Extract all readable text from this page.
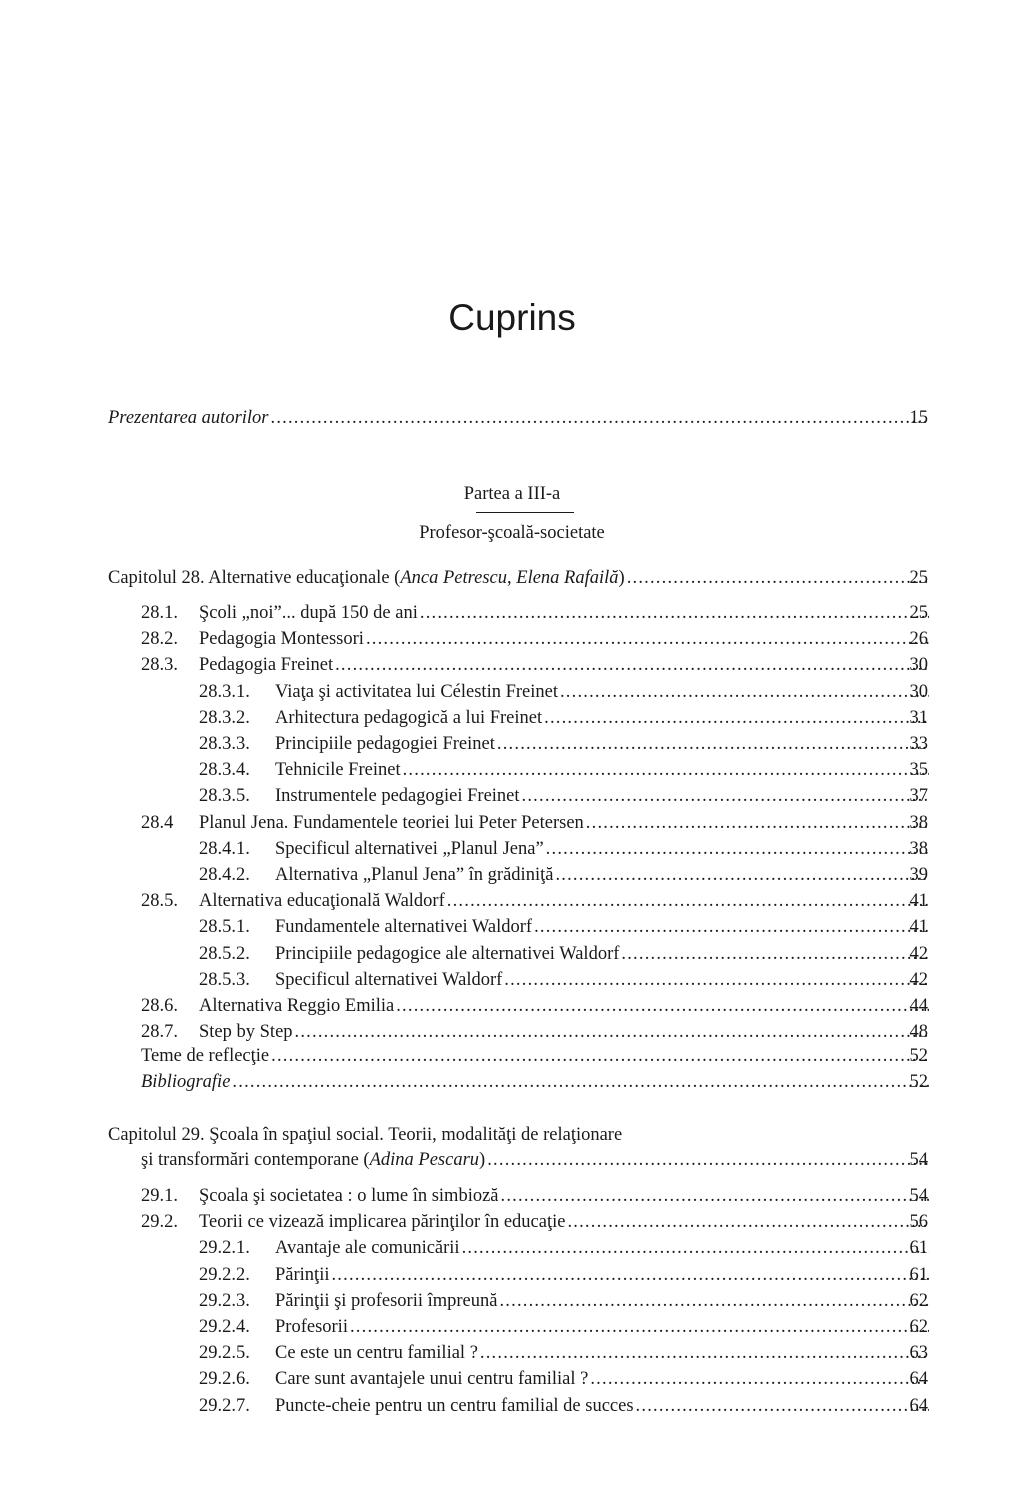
Cuprins
Prezentarea autorilor .....	15
Partea a III-a
Profesor-şcoală-societate
Capitolul 28. Alternative educaţionale (Anca Petrescu, Elena Rafailă) .....	25
28.1. Şcoli „noi”... după 150 de ani .....	25
28.2. Pedagogia Montessori .....	26
28.3. Pedagogia Freinet .....	30
28.3.1. Viaţa şi activitatea lui Célestin Freinet .....	30
28.3.2. Arhitectura pedagogică a lui Freinet .....	31
28.3.3. Principiile pedagogiei Freinet .....	33
28.3.4. Tehnicile Freinet .....	35
28.3.5. Instrumentele pedagogiei Freinet .....	37
28.4 Planul Jena. Fundamentele teoriei lui Peter Petersen .....	38
28.4.1. Specificul alternativei „Planul Jena” .....	38
28.4.2. Alternativa „Planul Jena” în grădiniţă .....	39
28.5. Alternativa educaţională Waldorf .....	41
28.5.1. Fundamentele alternativei Waldorf .....	41
28.5.2. Principiile pedagogice ale alternativei Waldorf .....	42
28.5.3. Specificul alternativei Waldorf .....	42
28.6. Alternativa Reggio Emilia .....	44
28.7. Step by Step .....	48
Teme de reflecţie .....	52
Bibliografie .....	52
Capitolul 29. Şcoala în spaţiul social. Teorii, modalităţi de relaţionare
şi transformări contemporane (Adina Pescaru) .....	54
29.1. Şcoala şi societatea : o lume în simbioză .....	54
29.2. Teorii ce vizează implicarea părinţilor în educaţie .....	56
29.2.1. Avantaje ale comunicării .....	61
29.2.2. Părinţii .....	61
29.2.3. Părinţii şi profesorii împreună .....	62
29.2.4. Profesorii .....	62
29.2.5. Ce este un centru familial ? .....	63
29.2.6. Care sunt avantajele unui centru familial ? .....	64
29.2.7. Puncte-cheie pentru un centru familial de succes .....	64
